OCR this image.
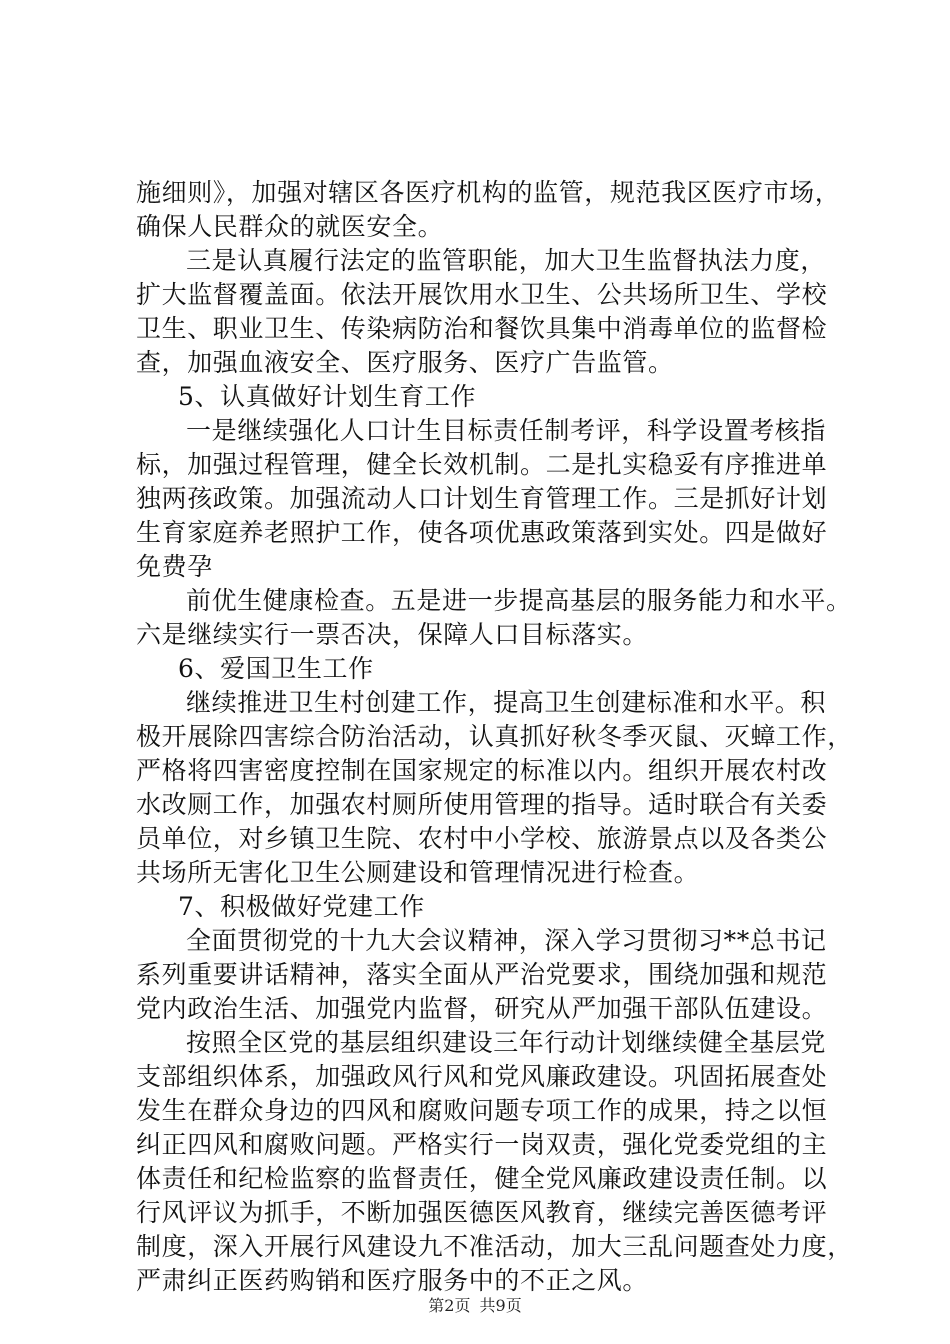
施细则》，加强对辖区各医疗机构的监管，规范我区医疗市场，
确保人民群众的就医安全。
三是认真履行法定的监管职能，加大卫生监督执法力度，
扩大监督覆盖面。依法开展饮用水卫生、公共场所卫生、学校
卫生、职业卫生、传染病防治和餐饮具集中消毒单位的监督检
查，加强血液安全、医疗服务、医疗广告监管。
5、认真做好计划生育工作
一是继续强化人口计生目标责任制考评，科学设置考核指
标，加强过程管理，健全长效机制。二是扎实稳妥有序推进单
独两孩政策。加强流动人口计划生育管理工作。三是抓好计划
生育家庭养老照护工作，使各项优惠政策落到实处。四是做好
免费孕
前优生健康检查。五是进一步提高基层的服务能力和水平。
六是继续实行一票否决，保障人口目标落实。
6、爱国卫生工作
继续推进卫生村创建工作，提高卫生创建标准和水平。积
极开展除四害综合防治活动，认真抓好秋冬季灭鼠、灭蟑工作，
严格将四害密度控制在国家规定的标准以内。组织开展农村改
水改厕工作，加强农村厕所使用管理的指导。适时联合有关委
员单位，对乡镇卫生院、农村中小学校、旅游景点以及各类公
共场所无害化卫生公厕建设和管理情况进行检查。
7、积极做好党建工作
全面贯彻党的十九大会议精神，深入学习贯彻习**总书记
系列重要讲话精神，落实全面从严治党要求，围绕加强和规范
党内政治生活、加强党内监督，研究从严加强干部队伍建设。
按照全区党的基层组织建设三年行动计划继续健全基层党
支部组织体系，加强政风行风和党风廉政建设。巩固拓展查处
发生在群众身边的四风和腐败问题专项工作的成果，持之以恒
纠正四风和腐败问题。严格实行一岗双责，强化党委党组的主
体责任和纪检监察的监督责任，健全党风廉政建设责任制。以
行风评议为抓手，不断加强医德医风教育，继续完善医德考评
制度，深入开展行风建设九不准活动，加大三乱问题查处力度，
严肃纠正医药购销和医疗服务中的不正之风。
第2页 共9页
